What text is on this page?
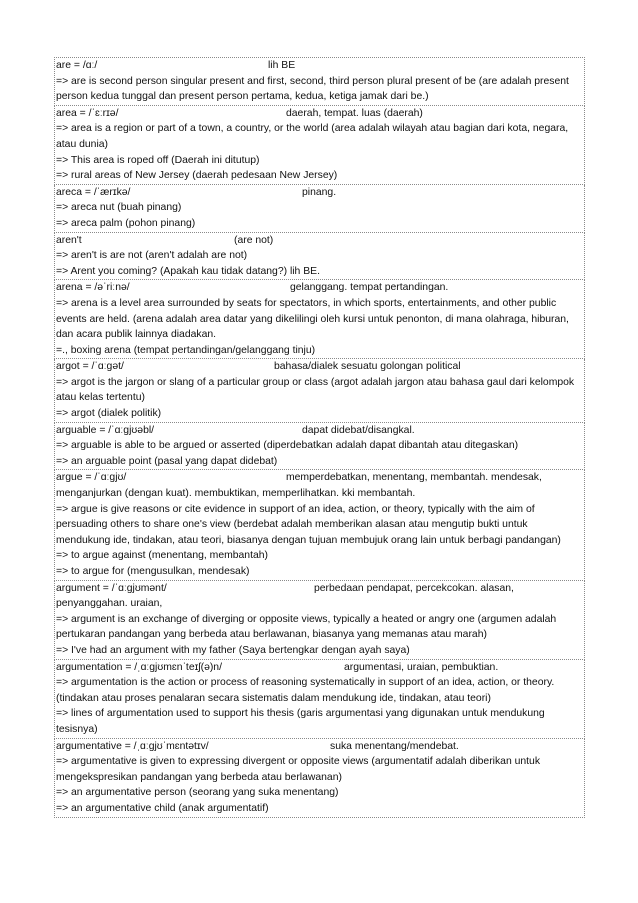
are = /ɑː/	lih BE
=> are is second person singular present and first, second, third person plural present of be (are adalah present person kedua tunggal dan present person pertama, kedua, ketiga jamak dari be.)
area = /ˈɛːrɪə/	daerah, tempat. luas (daerah)
=> area is a region or part of a town, a country, or the world (area adalah wilayah atau bagian dari kota, negara, atau dunia)
=> This area is roped off (Daerah ini ditutup)
=> rural areas of New Jersey (daerah pedesaan New Jersey)
areca = /ˈærɪkə/	pinang.
=> areca nut (buah pinang)
=> areca palm (pohon pinang)
aren't	(are not)
=> aren't is are not (aren't adalah are not)
=> Arent you coming? (Apakah kau tidak datang?) lih BE.
arena = /əˈriːnə/	gelanggang. tempat pertandingan.
=> arena is a level area surrounded by seats for spectators, in which sports, entertainments, and other public events are held. (arena adalah area datar yang dikelilingi oleh kursi untuk penonton, di mana olahraga, hiburan, dan acara publik lainnya diadakan.
=., boxing arena (tempat pertandingan/gelanggang tinju)
argot = /ˈɑːgət/	bahasa/dialek sesuatu golongan political
=> argot is the jargon or slang of a particular group or class (argot adalah jargon atau bahasa gaul dari kelompok atau kelas tertentu)
=> argot (dialek politik)
arguable = /ˈɑːgjʊəbl/	dapat didebat/disangkal.
=> arguable is able to be argued or asserted (diperdebatkan adalah dapat dibantah atau ditegaskan)
=> an arguable point (pasal yang dapat didebat)
argue = /ˈɑːgjʊ/	memperdebatkan, menentang, membantah. mendesak,
menganjurkan (dengan kuat). membuktikan, memperlihatkan. kki membantah.
=> argue is give reasons or cite evidence in support of an idea, action, or theory, typically with the aim of persuading others to share one's view (berdebat adalah memberikan alasan atau mengutip bukti untuk mendukung ide, tindakan, atau teori, biasanya dengan tujuan membujuk orang lain untuk berbagi pandangan)
=> to argue against (menentang, membantah)
=> to argue for (mengusulkan, mendesak)
argument = /ˈɑːgjʊmənt/	perbedaan pendapat, percekcokan. alasan,
penyanggahan. uraian,
=> argument is an exchange of diverging or opposite views, typically a heated or angry one (argumen adalah pertukaran pandangan yang berbeda atau berlawanan, biasanya yang memanas atau marah)
=> I've had an argument with my father (Saya bertengkar dengan ayah saya)
argumentation = /ˌɑːgjʊmɛnˈteɪʃ(ə)n/	argumentasi, uraian, pembuktian.
=> argumentation is the action or process of reasoning systematically in support of an idea, action, or theory. (tindakan atau proses penalaran secara sistematis dalam mendukung ide, tindakan, atau teori)
=> lines of argumentation used to support his thesis (garis argumentasi yang digunakan untuk mendukung tesisnya)
argumentative = /ˌɑːgjʊˈmɛntətɪv/	suka menentang/mendebat.
=> argumentative is given to expressing divergent or opposite views (argumentatif adalah diberikan untuk mengekspresikan pandangan yang berbeda atau berlawanan)
=> an argumentative person (seorang yang suka menentang)
=> an argumentative child (anak argumentatif)
